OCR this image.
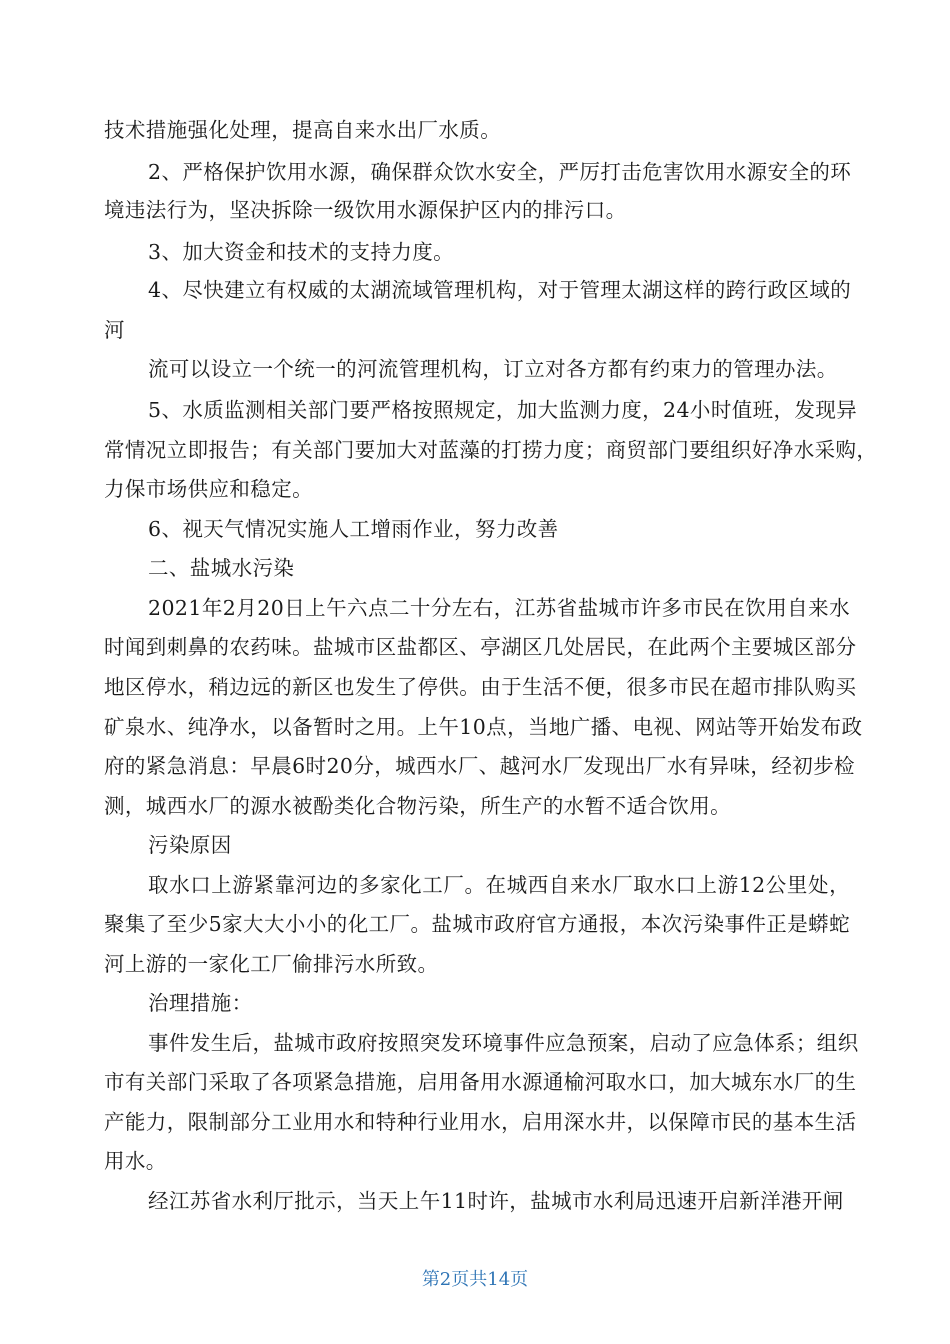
技术措施强化处理，提高自来水出厂水质。
2、严格保护饮用水源，确保群众饮水安全，严厉打击危害饮用水源安全的环
境违法行为，坚决拆除一级饮用水源保护区内的排污口。
3、加大资金和技术的支持力度。
4、尽快建立有权威的太湖流域管理机构，对于管理太湖这样的跨行政区域的
河
流可以设立一个统一的河流管理机构，订立对各方都有约束力的管理办法。
5、水质监测相关部门要严格按照规定，加大监测力度，24小时值班，发现异
常情况立即报告；有关部门要加大对蓝藻的打捞力度；商贸部门要组织好净水采购，
力保市场供应和稳定。
6、视天气情况实施人工增雨作业，努力改善
二、盐城水污染
2021年2月20日上午六点二十分左右，江苏省盐城市许多市民在饮用自来水
时闻到刺鼻的农药味。盐城市区盐都区、亭湖区几处居民，在此两个主要城区部分
地区停水，稍边远的新区也发生了停供。由于生活不便，很多市民在超市排队购买
矿泉水、纯净水，以备暂时之用。上午10点，当地广播、电视、网站等开始发布政
府的紧急消息：早晨6时20分，城西水厂、越河水厂发现出厂水有异味，经初步检
测，城西水厂的源水被酚类化合物污染，所生产的水暂不适合饮用。
污染原因
取水口上游紧靠河边的多家化工厂。在城西自来水厂取水口上游12公里处，
聚集了至少5家大大小小的化工厂。盐城市政府官方通报，本次污染事件正是蟒蛇
河上游的一家化工厂偷排污水所致。
治理措施：
事件发生后，盐城市政府按照突发环境事件应急预案，启动了应急体系；组织
市有关部门采取了各项紧急措施，启用备用水源通榆河取水口，加大城东水厂的生
产能力，限制部分工业用水和特种行业用水，启用深水井，以保障市民的基本生活
用水。
经江苏省水利厅批示，当天上午11时许，盐城市水利局迅速开启新洋港开闸
第2页共14页
